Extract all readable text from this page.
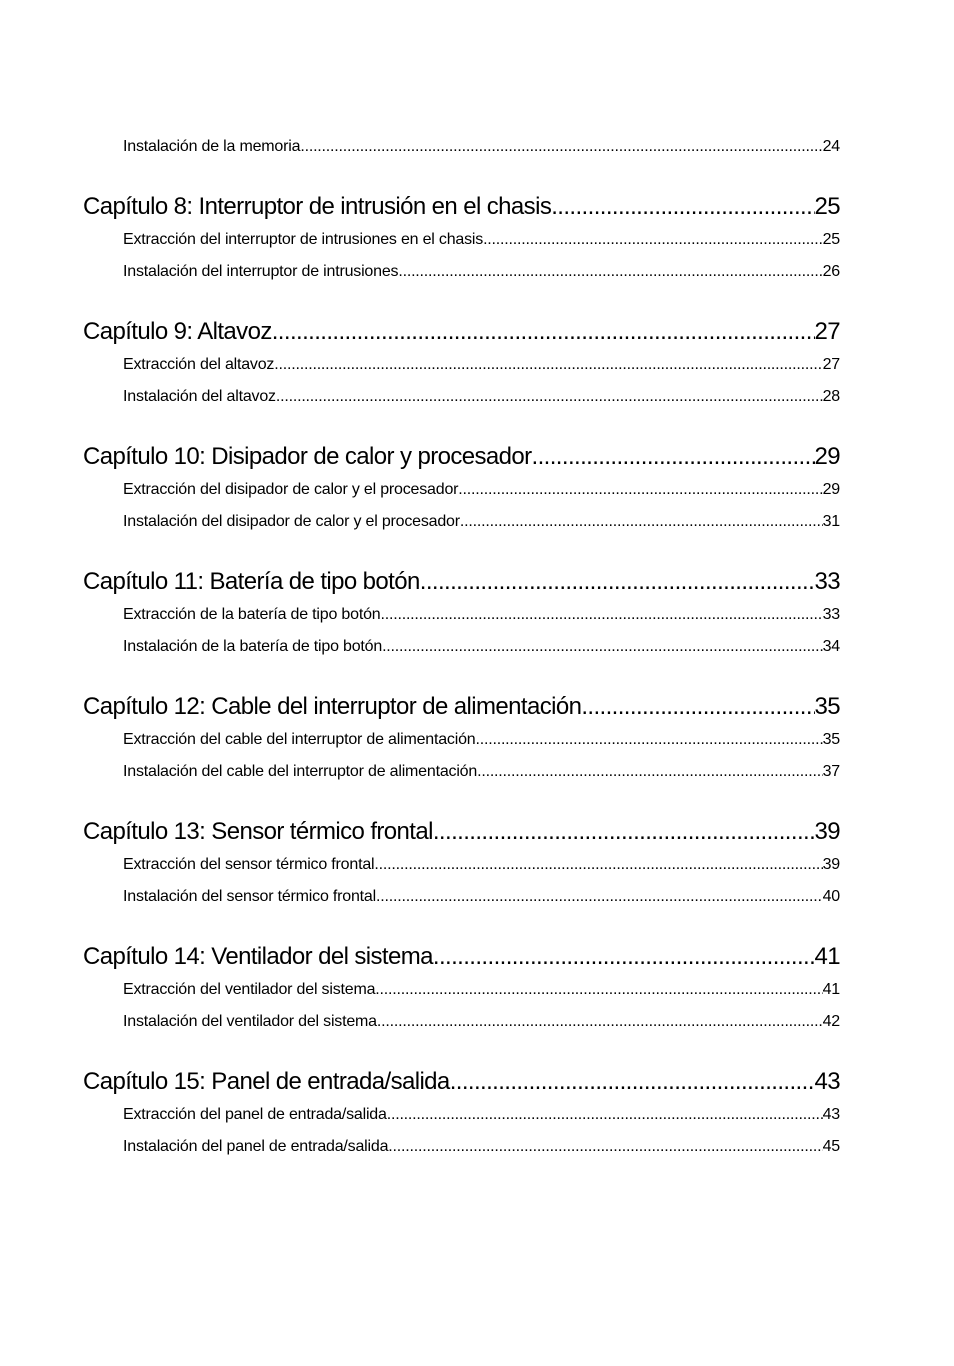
Instalación de la memoria .....	24
Capítulo 8: Interruptor de intrusión en el chasis .....	25
Extracción del interruptor de intrusiones en el chasis .....	25
Instalación del interruptor de intrusiones .....	26
Capítulo 9: Altavoz .....	27
Extracción del altavoz .....	27
Instalación del altavoz .....	28
Capítulo 10: Disipador de calor y procesador .....	29
Extracción del disipador de calor y el procesador .....	29
Instalación del disipador de calor y el procesador .....	31
Capítulo 11: Batería de tipo botón .....	33
Extracción de la batería de tipo botón .....	33
Instalación de la batería de tipo botón .....	34
Capítulo 12: Cable del interruptor de alimentación .....	35
Extracción del cable del interruptor de alimentación .....	35
Instalación del cable del interruptor de alimentación .....	37
Capítulo 13: Sensor térmico frontal .....	39
Extracción del sensor térmico frontal .....	39
Instalación del sensor térmico frontal .....	40
Capítulo 14: Ventilador del sistema .....	41
Extracción del ventilador del sistema .....	41
Instalación del ventilador del sistema .....	42
Capítulo 15: Panel de entrada/salida .....	43
Extracción del panel de entrada/salida .....	43
Instalación del panel de entrada/salida .....	45
